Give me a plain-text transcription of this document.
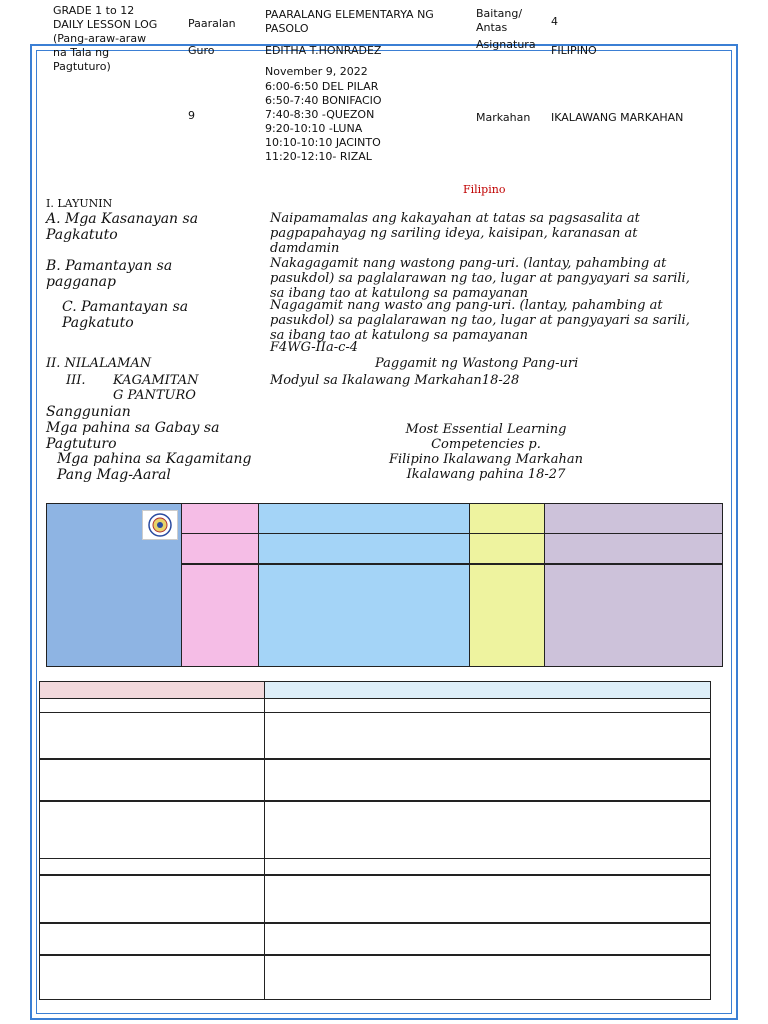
GRADE 1 to 12
DAILY LESSON LOG
(Pang-araw-araw
na Tala ng
Pagtuturo)
Paaralan
PAARALANG ELEMENTARYA NG PASOLO
Guro	EDITHA T.HONRADEZ
Baitang/ Antas	4
Asignatura FILIPINO
November 9, 2022
6:00-6:50 DEL PILAR
6:50-7:40 BONIFACIO
7:40-8:30 -QUEZON
9:20-10:10 -LUNA
10:10-10:10 JACINTO
11:20-12:10- RIZAL
9	Markahan IKALAWANG MARKAHAN
Filipino
I. LAYUNIN
A. Mga Kasanayan sa Pagkatuto
Naipamamalas ang kakayahan at tatas sa pagsasalita at pagpapahayag ng sariling ideya, kaisipan, karanasan at damdamin
B. Pamantayan sa pagganap
Nakagagamit nang wastong pang-uri. (lantay, pahambing at pasukdol) sa paglalarawan ng tao, lugar at pangyayari sa sarili, sa ibang tao at katulong sa pamayanan
C. Pamantayan sa Pagkatuto
Nagagamit nang wasto ang pang-uri. (lantay, pahambing at pasukdol) sa paglalarawan ng tao, lugar at pangyayari sa sarili, sa ibang tao at katulong sa pamayanan
F4WG-IIa-c-4
II. NILALAMAN	Paggamit ng Wastong Pang-uri
III. KAGAMITAN
G PANTURO
Modyul sa Ikalawang Markahan18-28
Sanggunian
Mga pahina sa Gabay sa Pagtuturo
Mga pahina sa Kagamitang Pang Mag-Aaral
Most Essential Learning
Competencies p.
Filipino Ikalawang Markahan
Ikalawang pahina 18-27
